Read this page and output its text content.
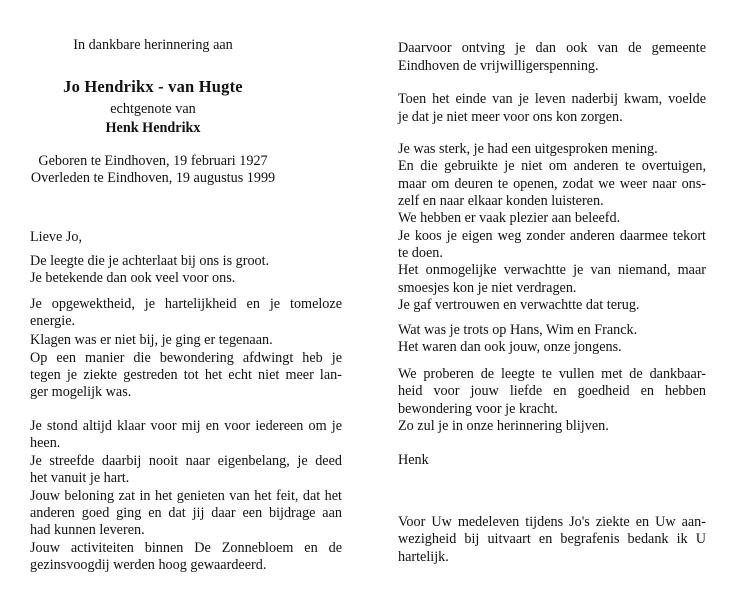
In dankbare herinnering aan
Jo Hendrikx - van Hugte
echtgenote van
Henk Hendrikx
Geboren te Eindhoven, 19 februari 1927
Overleden te Eindhoven, 19 augustus 1999
Lieve Jo,
De leegte die je achterlaat bij ons is groot.
Je betekende dan ook veel voor ons.
Je opgewektheid, je hartelijkheid en je tomeloze
energie.
Klagen was er niet bij, je ging er tegenaan.
Op een manier die bewondering afdwingt heb je
tegen je ziekte gestreden tot het echt niet meer lan-
ger mogelijk was.
Je stond altijd klaar voor mij en voor iedereen om je
heen.
Je streefde daarbij nooit naar eigenbelang, je deed
het vanuit je hart.
Jouw beloning zat in het genieten van het feit, dat het
anderen goed ging en dat jij daar een bijdrage aan
had kunnen leveren.
Jouw activiteiten binnen De Zonnebloem en de
gezinsvoogdij werden hoog gewaardeerd.
Daarvoor ontving je dan ook van de gemeente
Eindhoven de vrijwilligerspenning.
Toen het einde van je leven naderbij kwam, voelde
je dat je niet meer voor ons kon zorgen.
Je was sterk, je had een uitgesproken mening.
En die gebruikte je niet om anderen te overtuigen,
maar om deuren te openen, zodat we weer naar ons-
zelf en naar elkaar konden luisteren.
We hebben er vaak plezier aan beleefd.
Je koos je eigen weg zonder anderen daarmee tekort
te doen.
Het onmogelijke verwachtte je van niemand, maar
smoesjes kon je niet verdragen.
Je gaf vertrouwen en verwachtte dat terug.
Wat was je trots op Hans, Wim en Franck.
Het waren dan ook jouw, onze jongens.
We proberen de leegte te vullen met de dankbaar-
heid voor jouw liefde en goedheid en hebben
bewondering voor je kracht.
Zo zul je in onze herinnering blijven.
Henk
Voor Uw medeleven tijdens Jo's ziekte en Uw aan-
wezigheid bij uitvaart en begrafenis bedank ik U
hartelijk.
